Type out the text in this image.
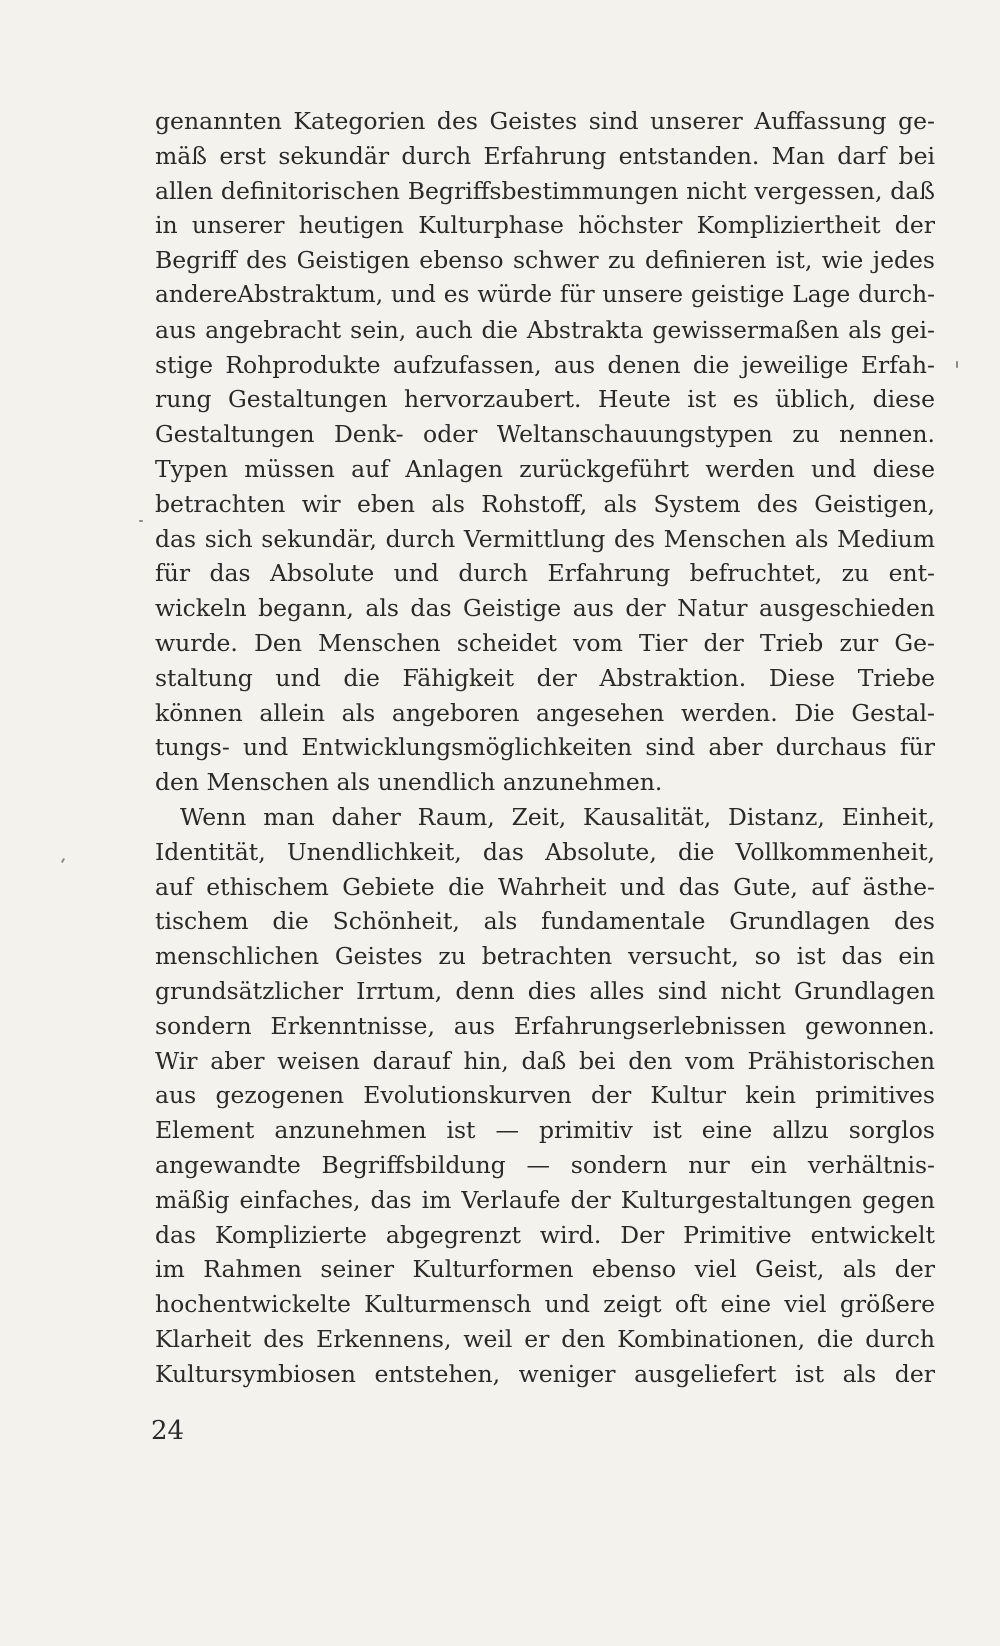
genannten Kategorien des Geistes sind unserer Auffassung ge-
mäß erst sekundär durch Erfahrung entstanden. Man darf bei
allen definitorischen Begriffsbestimmungen nicht vergessen, daß
in unserer heutigen Kulturphase höchster Kompliziertheit der
Begriff des Geistigen ebenso schwer zu definieren ist, wie jedes
andereAbstraktum, und es würde für unsere geistige Lage durch-
aus angebracht sein, auch die Abstrakta gewissermaßen als gei-
stige Rohprodukte aufzufassen, aus denen die jeweilige Erfah-
rung Gestaltungen hervorzaubert. Heute ist es üblich, diese
Gestaltungen Denk- oder Weltanschauungstypen zu nennen.
Typen müssen auf Anlagen zurückgeführt werden und diese
betrachten wir eben als Rohstoff, als System des Geistigen,
das sich sekundär, durch Vermittlung des Menschen als Medium
für das Absolute und durch Erfahrung befruchtet, zu ent-
wickeln begann, als das Geistige aus der Natur ausgeschieden
wurde. Den Menschen scheidet vom Tier der Trieb zur Ge-
staltung und die Fähigkeit der Abstraktion. Diese Triebe
können allein als angeboren angesehen werden. Die Gestal-
tungs- und Entwicklungsmöglichkeiten sind aber durchaus für
den Menschen als unendlich anzunehmen.

Wenn man daher Raum, Zeit, Kausalität, Distanz, Einheit,
Identität, Unendlichkeit, das Absolute, die Vollkommenheit,
auf ethischem Gebiete die Wahrheit und das Gute, auf ästhe-
tischem die Schönheit, als fundamentale Grundlagen des
menschlichen Geistes zu betrachten versucht, so ist das ein
grundsätzlicher Irrtum, denn dies alles sind nicht Grundlagen
sondern Erkenntnisse, aus Erfahrungserlebnissen gewonnen.
Wir aber weisen darauf hin, daß bei den vom Prähistorischen
aus gezogenen Evolutionskurven der Kultur kein primitives
Element anzunehmen ist — primitiv ist eine allzu sorglos
angewandte Begriffsbildung — sondern nur ein verhältnis-
mäßig einfaches, das im Verlaufe der Kulturgestaltungen gegen
das Komplizierte abgegrenzt wird. Der Primitive entwickelt
im Rahmen seiner Kulturformen ebenso viel Geist, als der
hochentwickelte Kulturmensch und zeigt oft eine viel größere
Klarheit des Erkennens, weil er den Kombinationen, die durch
Kultursymbiosen entstehen, weniger ausgeliefert ist als der

24
